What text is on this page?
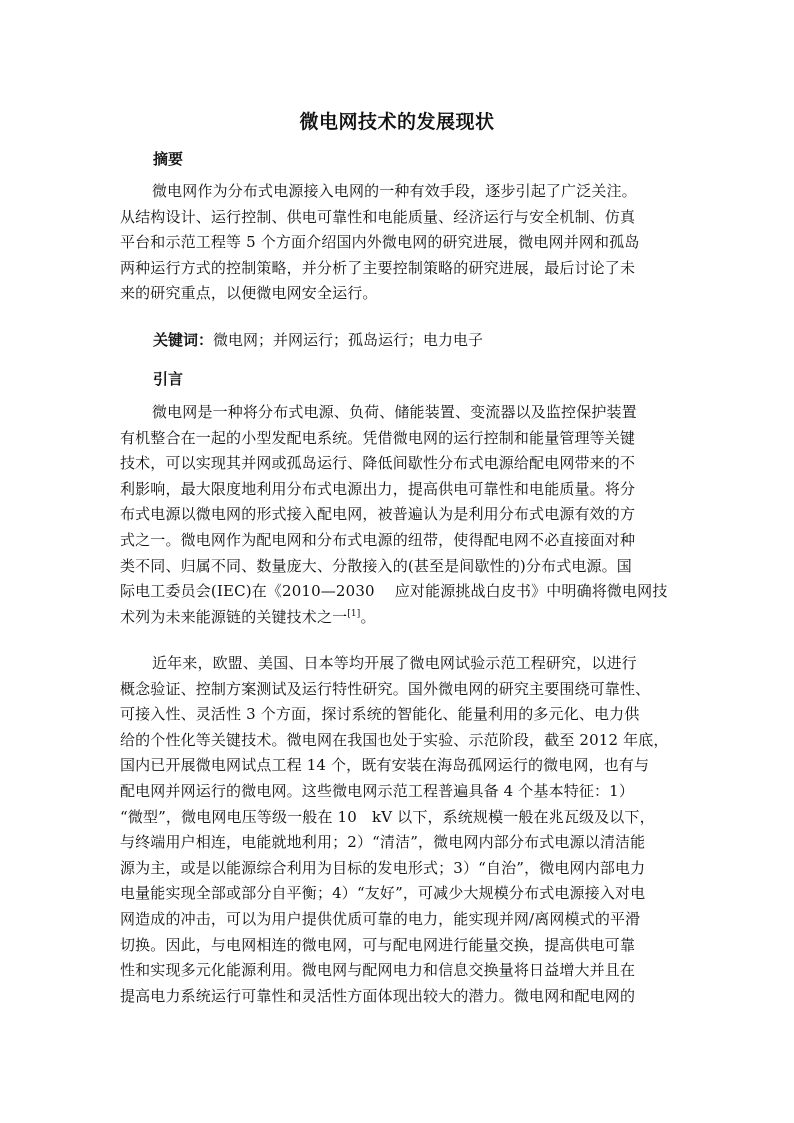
微电网技术的发展现状
摘要
微电网作为分布式电源接入电网的一种有效手段，逐步引起了广泛关注。
从结构设计、运行控制、供电可靠性和电能质量、经济运行与安全机制、仿真
平台和示范工程等 5 个方面介绍国内外微电网的研究进展，微电网并网和孤岛
两种运行方式的控制策略，并分析了主要控制策略的研究进展，最后讨论了未
来的研究重点，以便微电网安全运行。
关键词：微电网；并网运行；孤岛运行；电力电子
引言
微电网是一种将分布式电源、负荷、储能装置、变流器以及监控保护装置
有机整合在一起的小型发配电系统。凭借微电网的运行控制和能量管理等关键
技术，可以实现其并网或孤岛运行、降低间歇性分布式电源给配电网带来的不
利影响，最大限度地利用分布式电源出力，提高供电可靠性和电能质量。将分
布式电源以微电网的形式接入配电网，被普遍认为是利用分布式电源有效的方
式之一。微电网作为配电网和分布式电源的纽带，使得配电网不必直接面对种
类不同、归属不同、数量庞大、分散接入的(甚至是间歇性的)分布式电源。国
际电工委员会(IEC)在《2010—2030　 应对能源挑战白皮书》中明确将微电网技
术列为未来能源链的关键技术之一[1]。
近年来，欧盟、美国、日本等均开展了微电网试验示范工程研究，以进行
概念验证、控制方案测试及运行特性研究。国外微电网的研究主要围绕可靠性、
可接入性、灵活性 3 个方面，探讨系统的智能化、能量利用的多元化、电力供
给的个性化等关键技术。微电网在我国也处于实验、示范阶段，截至 2012 年底，
国内已开展微电网试点工程 14 个，既有安装在海岛孤网运行的微电网，也有与
配电网并网运行的微电网。这些微电网示范工程普遍具备 4 个基本特征：1）
“微型”，微电网电压等级一般在 10　kV 以下，系统规模一般在兆瓦级及以下，
与终端用户相连，电能就地利用；2）“清洁”，微电网内部分布式电源以清洁能
源为主，或是以能源综合利用为目标的发电形式；3）“自治”，微电网内部电力
电量能实现全部或部分自平衡；4）“友好”，可减少大规模分布式电源接入对电
网造成的冲击，可以为用户提供优质可靠的电力，能实现并网/离网模式的平滑
切换。因此，与电网相连的微电网，可与配电网进行能量交换，提高供电可靠
性和实现多元化能源利用。微电网与配网电力和信息交换量将日益增大并且在
提高电力系统运行可靠性和灵活性方面体现出较大的潜力。微电网和配电网的
